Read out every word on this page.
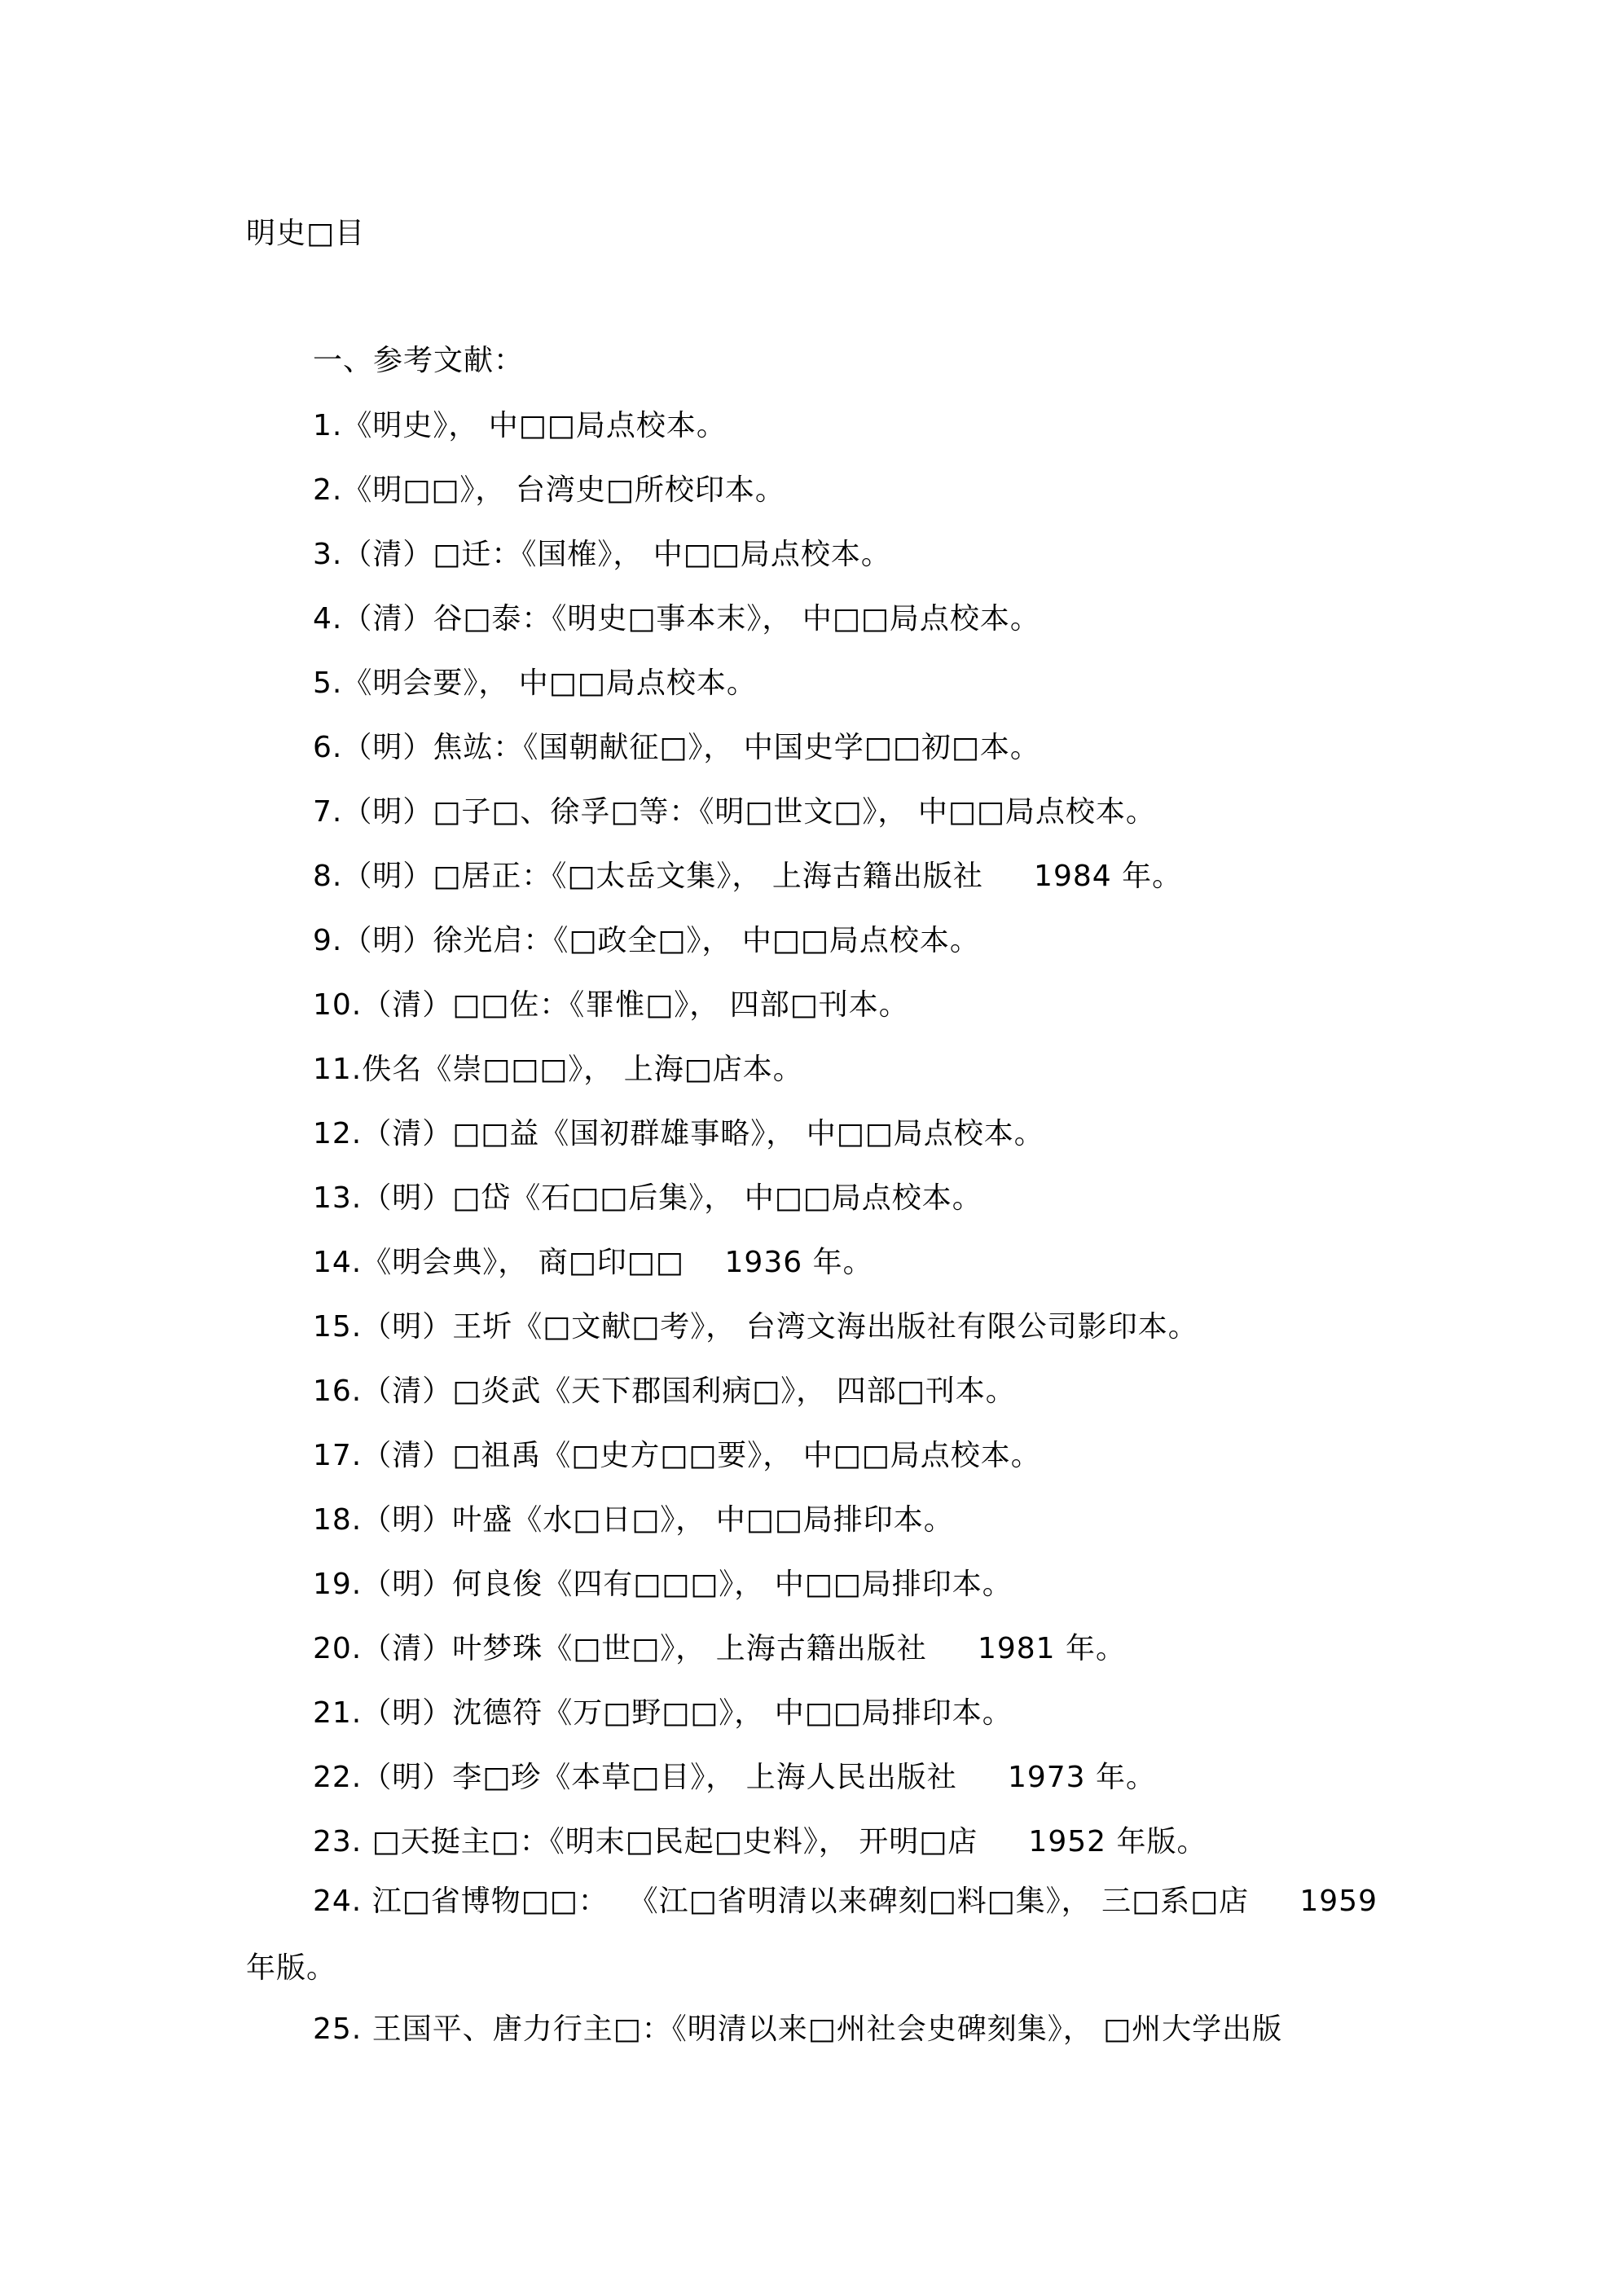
明史□目
一、参考文献：
1.《明史》， 中□□局点校本。
2.《明□□》， 台湾史□所校印本。
3.（清）□迁：《国榷》， 中□□局点校本。
4.（清）谷□泰：《明史□事本末》， 中□□局点校本。
5.《明会要》， 中□□局点校本。
6.（明）焦竑：《国朝献征□》， 中国史学□□初□本。
7.（明）□子□、徐孚□等：《明□世文□》， 中□□局点校本。
8.（明）□居正：《□太岳文集》， 上海古籍出版社     1984 年。
9.（明）徐光启：《□政全□》， 中□□局点校本。
10.（清）□□佐：《罪惟□》， 四部□刊本。
11.佚名《崇□□□》， 上海□店本。
12.（清）□□益《国初群雄事略》， 中□□局点校本。
13.（明）□岱《石□□后集》， 中□□局点校本。
14.《明会典》， 商□印□□    1936 年。
15.（明）王圻《□文献□考》， 台湾文海出版社有限公司影印本。
16.（清）□炎武《天下郡国利病□》， 四部□刊本。
17.（清）□祖禹《□史方□□要》， 中□□局点校本。
18.（明）叶盛《水□日□》， 中□□局排印本。
19.（明）何良俊《四有□□□》， 中□□局排印本。
20.（清）叶梦珠《□世□》， 上海古籍出版社     1981 年。
21.（明）沈德符《万□野□□》， 中□□局排印本。
22.（明）李□珍《本草□目》， 上海人民出版社     1973 年。
23. □天挺主□：《明末□民起□史料》， 开明□店     1952 年版。

24. 江□省博物□□：  《江□省明清以来碑刻□料□集》， 三□系□店     1959

年版。

25. 王国平、唐力行主□：《明清以来□州社会史碑刻集》， □州大学出版
